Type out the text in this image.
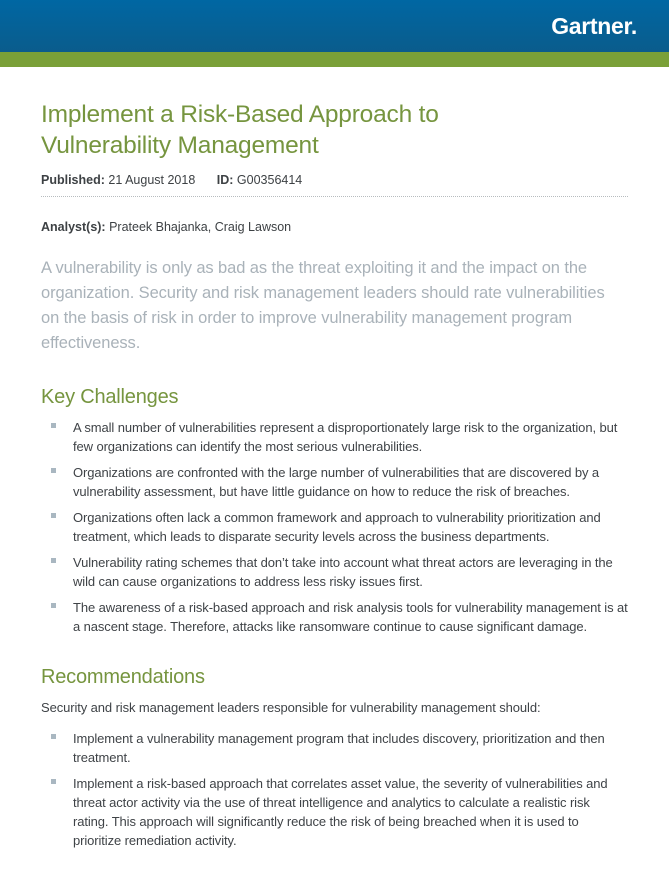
Gartner.
Implement a Risk-Based Approach to Vulnerability Management
Published: 21 August 2018 ID: G00356414
Analyst(s): Prateek Bhajanka, Craig Lawson

A vulnerability is only as bad as the threat exploiting it and the impact on the organization. Security and risk management leaders should rate vulnerabilities on the basis of risk in order to improve vulnerability management program effectiveness.

Key Challenges
A small number of vulnerabilities represent a disproportionately large risk to the organization, but few organizations can identify the most serious vulnerabilities.
Organizations are confronted with the large number of vulnerabilities that are discovered by a vulnerability assessment, but have little guidance on how to reduce the risk of breaches.
Organizations often lack a common framework and approach to vulnerability prioritization and treatment, which leads to disparate security levels across the business departments.
Vulnerability rating schemes that don’t take into account what threat actors are leveraging in the wild can cause organizations to address less risky issues first.
The awareness of a risk-based approach and risk analysis tools for vulnerability management is at a nascent stage. Therefore, attacks like ransomware continue to cause significant damage.
Recommendations

Security and risk management leaders responsible for vulnerability management should:

Implement a vulnerability management program that includes discovery, prioritization and then treatment.
Implement a risk-based approach that correlates asset value, the severity of vulnerabilities and threat actor activity via the use of threat intelligence and analytics to calculate a realistic risk rating. This approach will significantly reduce the risk of being breached when it is used to prioritize remediation activity.
